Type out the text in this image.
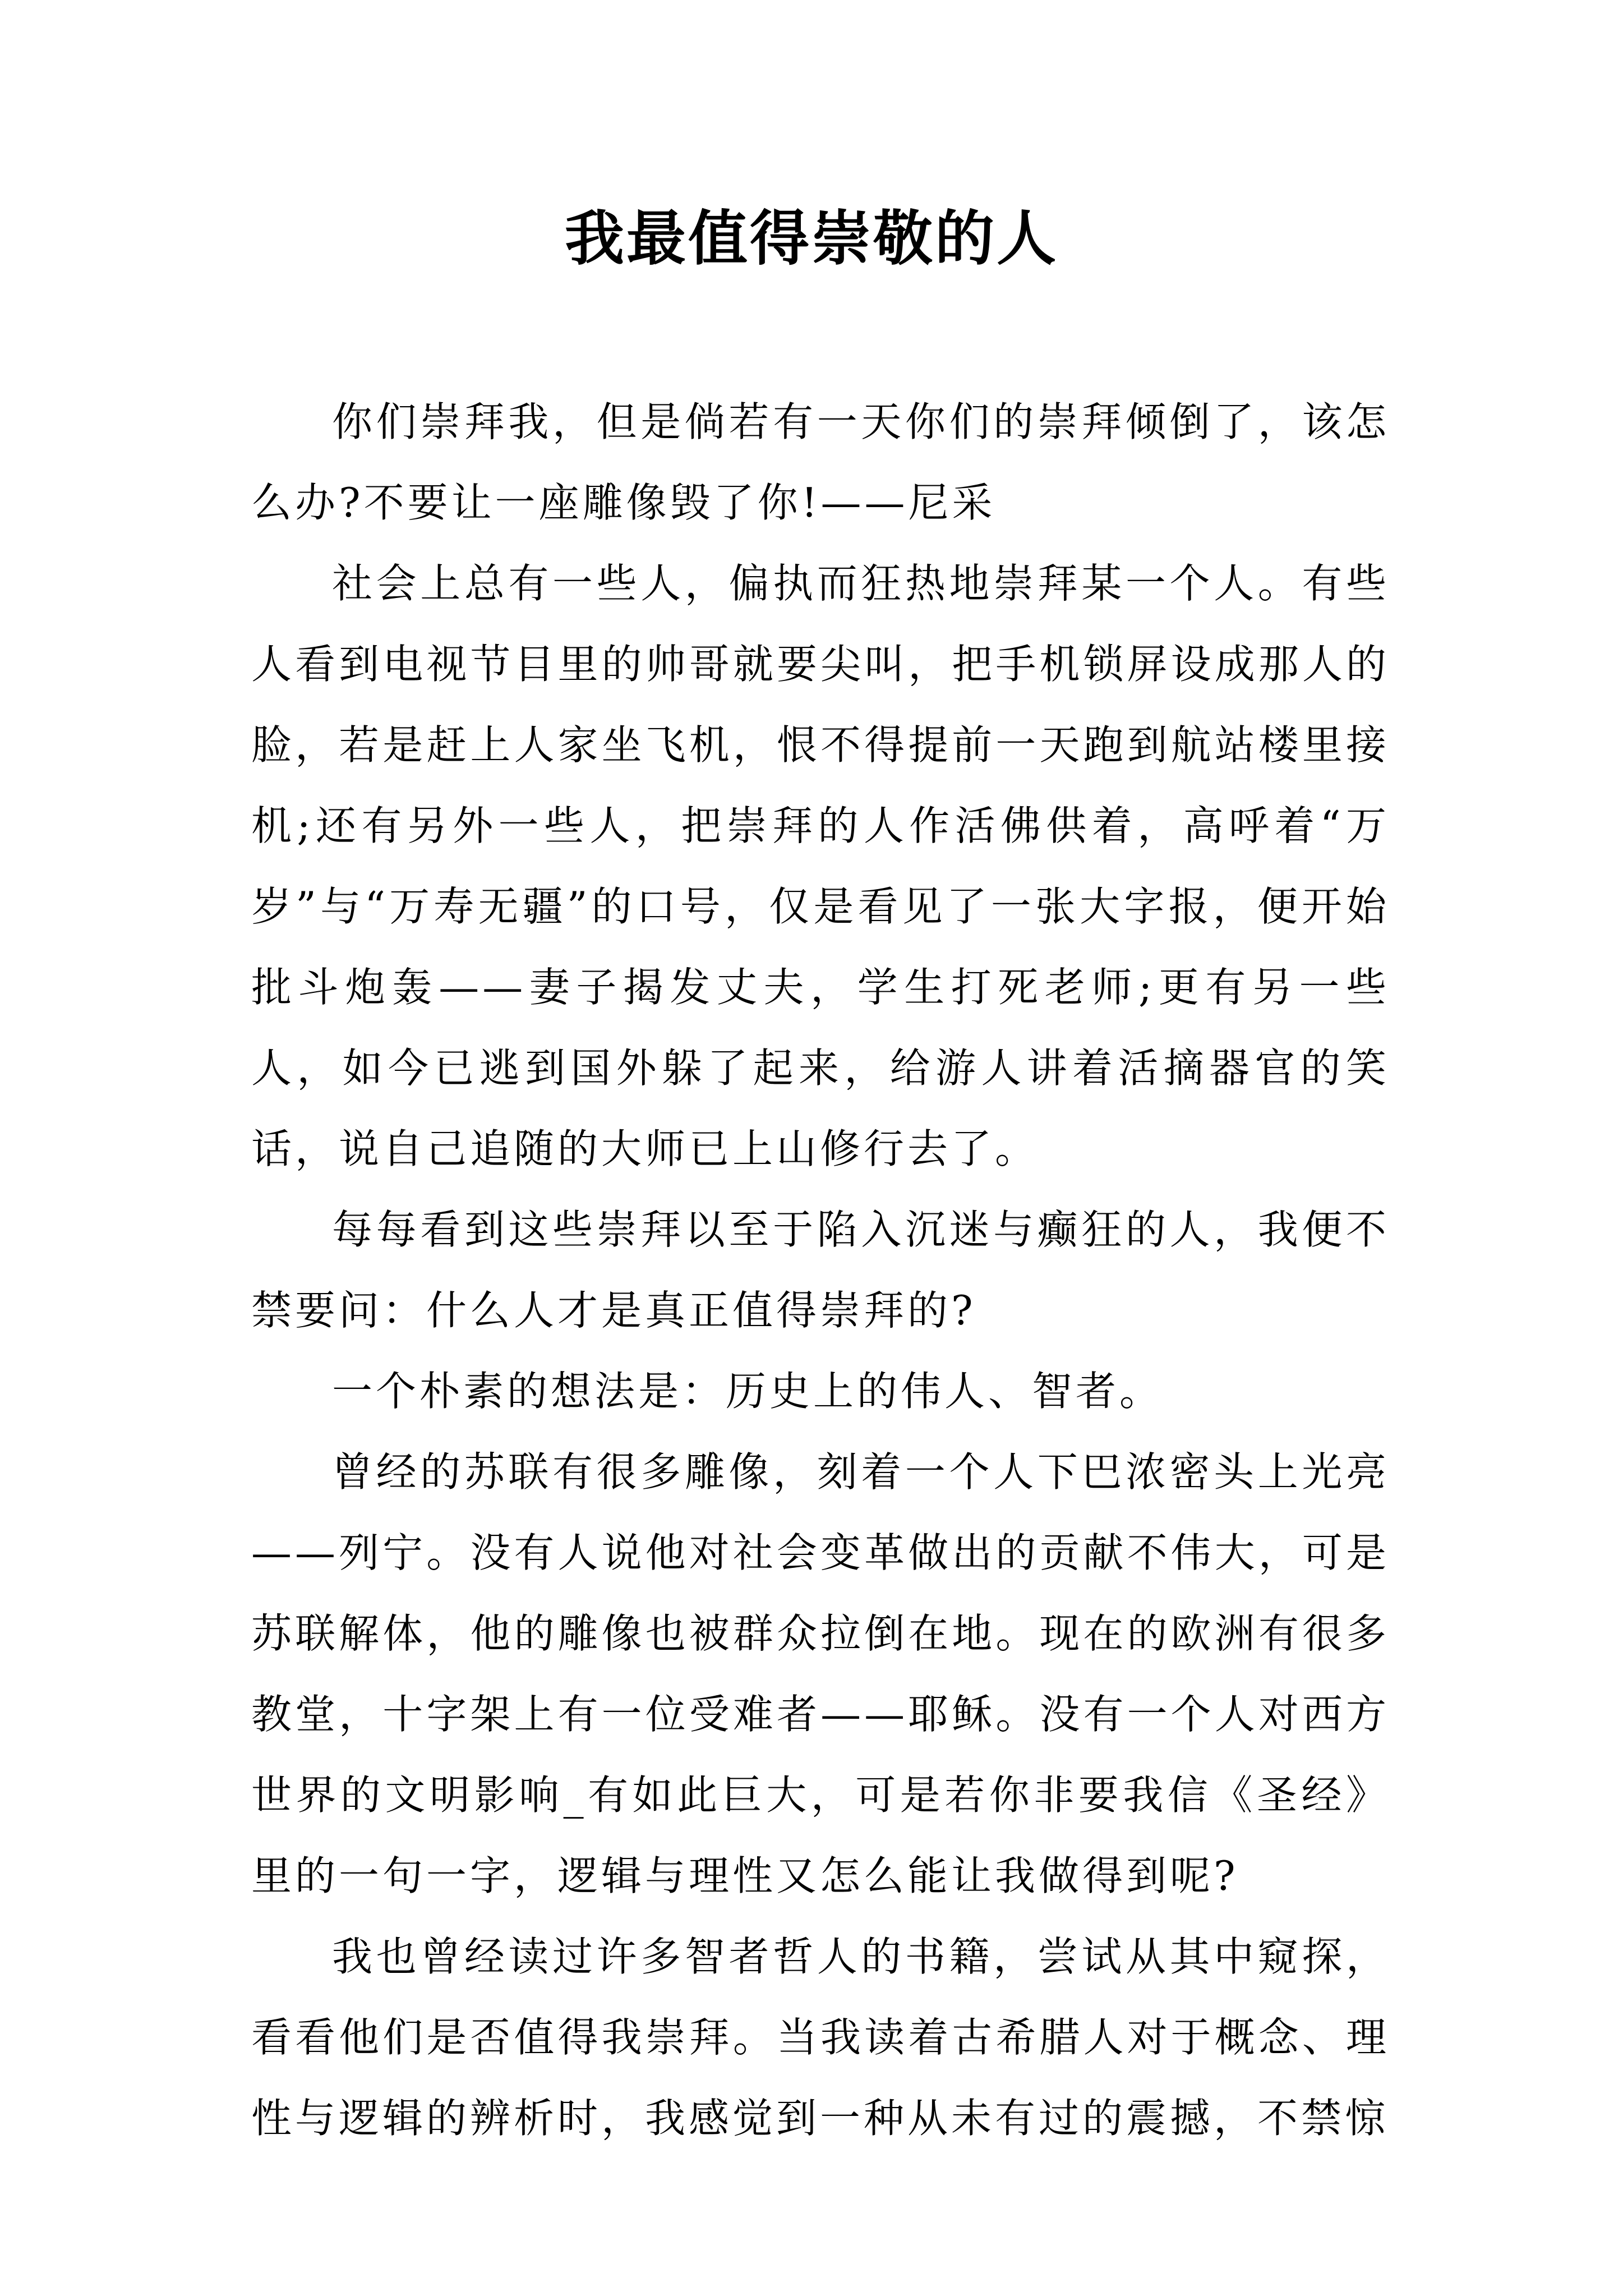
我最值得崇敬的人

你们崇拜我，但是倘若有一天你们的崇拜倾倒了，该怎么办?不要让一座雕像毁了你!——尼采

社会上总有一些人，偏执而狂热地崇拜某一个人。有些人看到电视节目里的帅哥就要尖叫，把手机锁屏设成那人的脸，若是赶上人家坐飞机，恨不得提前一天跑到航站楼里接机;还有另外一些人，把崇拜的人作活佛供着，高呼着“万岁”与“万寿无疆”的口号，仅是看见了一张大字报，便开始批斗炮轰——妻子揭发丈夫，学生打死老师;更有另一些人，如今已逃到国外躲了起来，给游人讲着活摘器官的笑话，说自己追随的大师已上山修行去了。

每每看到这些崇拜以至于陷入沉迷与癫狂的人，我便不禁要问：什么人才是真正值得崇拜的?

一个朴素的想法是：历史上的伟人、智者。

曾经的苏联有很多雕像，刻着一个人下巴浓密头上光亮——列宁。没有人说他对社会变革做出的贡献不伟大，可是苏联解体，他的雕像也被群众拉倒在地。现在的欧洲有很多教堂，十字架上有一位受难者——耶稣。没有一个人对西方世界的文明影响_有如此巨大，可是若你非要我信《圣经》里的一句一字，逻辑与理性又怎么能让我做得到呢?

我也曾经读过许多智者哲人的书籍，尝试从其中窥探，看看他们是否值得我崇拜。当我读着古希腊人对于概念、理性与逻辑的辨析时，我感觉到一种从未有过的震撼，不禁惊
